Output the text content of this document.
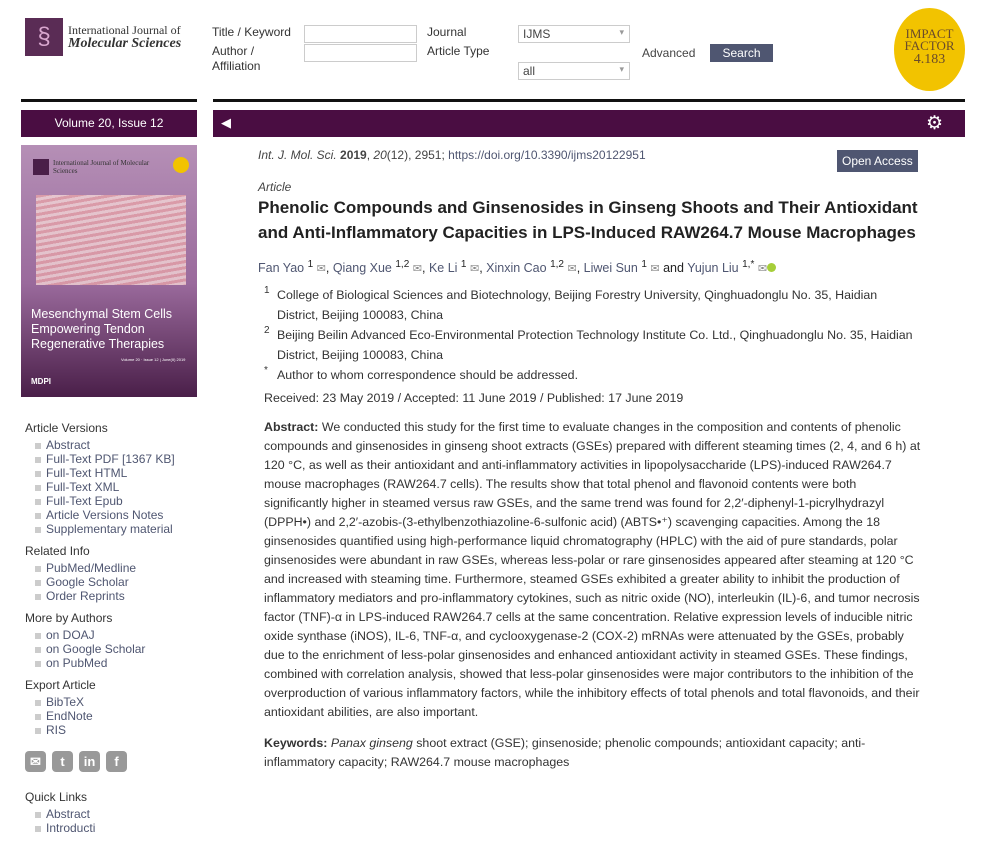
§	International Journal of
Molecular Sciences
Title / Keyword
Author / Affiliation
Journal	IJMS ▾
Article Type
all ▾
Advanced	Search
IMPACT
FACTOR
4.183
Volume 20, Issue 12	◀	⚙
International Journal of Molecular Sciences
Mesenchymal Stem Cells Empowering Tendon Regenerative Therapies
Volume 20 · Issue 12 | June(II) 2019
MDPI
Article Versions
Abstract
Full-Text PDF [1367 KB]
Full-Text HTML
Full-Text XML
Full-Text Epub
Article Versions Notes
Supplementary material
Related Info
PubMed/Medline
Google Scholar
Order Reprints
More by Authors
on DOAJ
on Google Scholar
on PubMed
Export Article
BibTeX
EndNote
RIS
✉	t	in	f
Quick Links
Abstract
Introducti
Int. J. Mol. Sci. 2019, 20(12), 2951; https://doi.org/10.3390/ijms20122951
Article
Phenolic Compounds and Ginsenosides in Ginseng Shoots and Their Antioxidant and Anti-Inflammatory Capacities in LPS-Induced RAW264.7 Mouse Macrophages
Fan Yao $^1$ ✉, Qiang Xue $^{1,2}$ ✉, Ke Li $^1$ ✉, Xinxin Cao $^{1,2}$ ✉, Liwei Sun $^1$ ✉ and Yujun Liu $^{1,*}$ ✉
1 College of Biological Sciences and Biotechnology, Beijing Forestry University, Qinghuadonglu No. 35, Haidian District, Beijing 100083, China
2 Beijing Beilin Advanced Eco-Environmental Protection Technology Institute Co. Ltd., Qinghuadonglu No. 35, Haidian District, Beijing 100083, China
* Author to whom correspondence should be addressed.
Received: 23 May 2019 / Accepted: 11 June 2019 / Published: 17 June 2019
Abstract: We conducted this study for the first time to evaluate changes in the composition and contents of phenolic compounds and ginsenosides in ginseng shoot extracts (GSEs) prepared with different steaming times (2, 4, and 6 h) at 120 °C, as well as their antioxidant and anti-inflammatory activities in lipopolysaccharide (LPS)-induced RAW264.7 mouse macrophages (RAW264.7 cells). The results show that total phenol and flavonoid contents were both significantly higher in steamed versus raw GSEs, and the same trend was found for 2,2′-diphenyl-1-picrylhydrazyl (DPPH•) and 2,2′-azobis-(3-ethylbenzothiazoline-6-sulfonic acid) (ABTS•⁺) scavenging capacities. Among the 18 ginsenosides quantified using high-performance liquid chromatography (HPLC) with the aid of pure standards, polar ginsenosides were abundant in raw GSEs, whereas less-polar or rare ginsenosides appeared after steaming at 120 °C and increased with steaming time. Furthermore, steamed GSEs exhibited a greater ability to inhibit the production of inflammatory mediators and pro-inflammatory cytokines, such as nitric oxide (NO), interleukin (IL)-6, and tumor necrosis factor (TNF)-α in LPS-induced RAW264.7 cells at the same concentration. Relative expression levels of inducible nitric oxide synthase (iNOS), IL-6, TNF-α, and cyclooxygenase-2 (COX-2) mRNAs were attenuated by the GSEs, probably due to the enrichment of less-polar ginsenosides and enhanced antioxidant activity in steamed GSEs. These findings, combined with correlation analysis, showed that less-polar ginsenosides were major contributors to the inhibition of the overproduction of various inflammatory factors, while the inhibitory effects of total phenols and total flavonoids, and their antioxidant abilities, are also important.
Keywords: Panax ginseng shoot extract (GSE); ginsenoside; phenolic compounds; antioxidant capacity; anti-inflammatory capacity; RAW264.7 mouse macrophages
Open Access
